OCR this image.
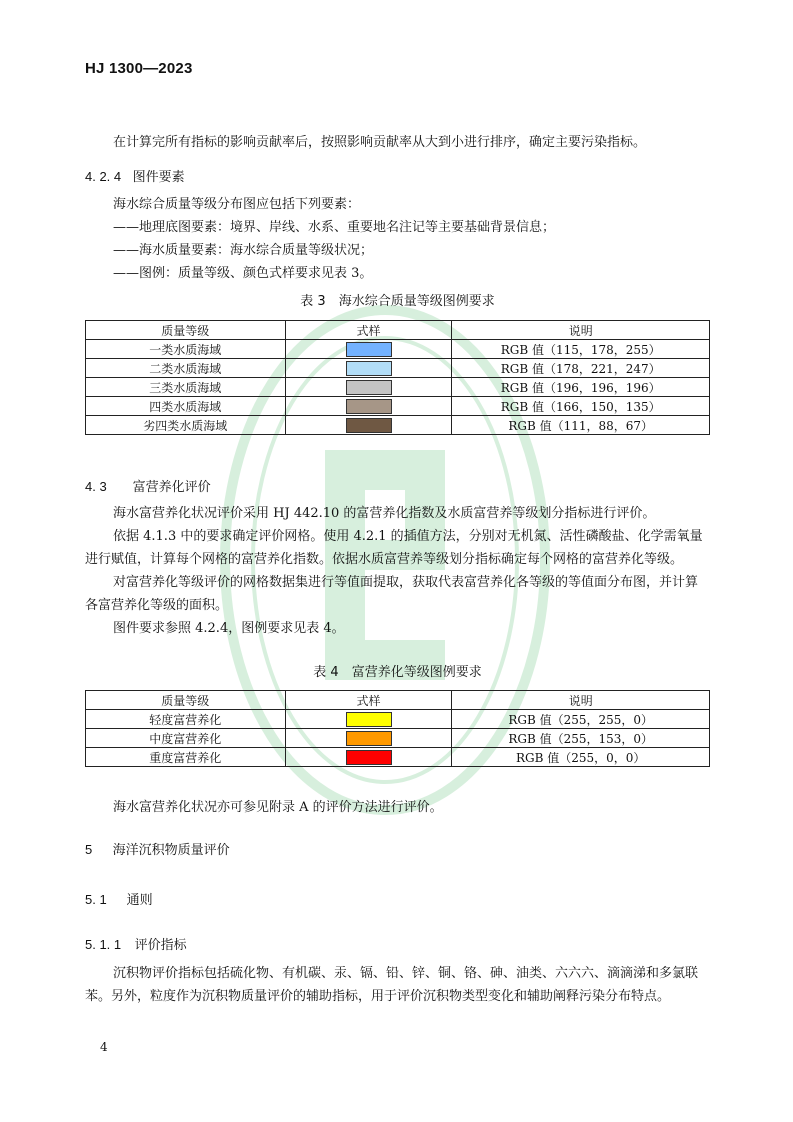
HJ 1300—2023
在计算完所有指标的影响贡献率后，按照影响贡献率从大到小进行排序，确定主要污染指标。
4. 2. 4 图件要素
海水综合质量等级分布图应包括下列要素：
——地理底图要素：境界、岸线、水系、重要地名注记等主要基础背景信息；
——海水质量要素：海水综合质量等级状况；
——图例：质量等级、颜色式样要求见表 3。
表 3　海水综合质量等级图例要求
质量等级	式样	说明
一类水质海域		RGB 值（115，178，255）
二类水质海域		RGB 值（178，221，247）
三类水质海域		RGB 值（196，196，196）
四类水质海域		RGB 值（166，150，135）
劣四类水质海域		RGB 值（111，88，67）
4. 3 富营养化评价
海水富营养化状况评价采用 HJ 442.10 的富营养化指数及水质富营养等级划分指标进行评价。
依据 4.1.3 中的要求确定评价网格。使用 4.2.1 的插值方法，分别对无机氮、活性磷酸盐、化学需氧量进行赋值，计算每个网格的富营养化指数。依据水质富营养等级划分指标确定每个网格的富营养化等级。
对富营养化等级评价的网格数据集进行等值面提取，获取代表富营养化各等级的等值面分布图，并计算各富营养化等级的面积。
图件要求参照 4.2.4，图例要求见表 4。
表 4　富营养化等级图例要求
质量等级	式样	说明
轻度富营养化		RGB 值（255，255，0）
中度富营养化		RGB 值（255，153，0）
重度富营养化		RGB 值（255，0，0）
海水富营养化状况亦可参见附录 A 的评价方法进行评价。
5 海洋沉积物质量评价
5. 1 通则
5. 1. 1 评价指标
沉积物评价指标包括硫化物、有机碳、汞、镉、铅、锌、铜、铬、砷、油类、六六六、滴滴涕和多氯联苯。另外，粒度作为沉积物质量评价的辅助指标，用于评价沉积物类型变化和辅助阐释污染分布特点。
4
